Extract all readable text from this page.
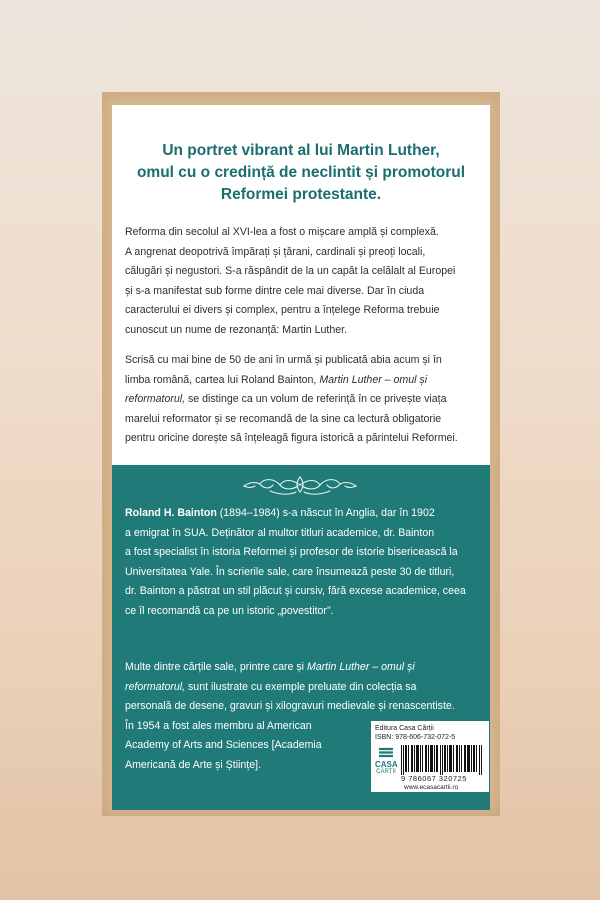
Un portret vibrant al lui Martin Luther,
omul cu o credință de neclintit și promotorul
Reformei protestante.
Reforma din secolul al XVI-lea a fost o mișcare amplă și complexă.
A angrenat deopotrivă împărați și țărani, cardinali și preoți locali,
călugări și negustori. S-a răspândit de la un capăt la celălalt al Europei
și s-a manifestat sub forme dintre cele mai diverse. Dar în ciuda
caracterului ei divers și complex, pentru a înțelege Reforma trebuie
cunoscut un nume de rezonanță: Martin Luther.
Scrisă cu mai bine de 50 de ani în urmă și publicată abia acum și în
limba română, cartea lui Roland Bainton, Martin Luther – omul și
reformatorul, se distinge ca un volum de referință în ce privește viața
marelui reformator și se recomandă de la sine ca lectură obligatorie
pentru oricine dorește să înțeleagă figura istorică a părintelui Reformei.
Roland H. Bainton (1894–1984) s-a născut în Anglia, dar în 1902
a emigrat în SUA. Deținător al multor titluri academice, dr. Bainton
a fost specialist în istoria Reformei și profesor de istorie bisericească la
Universitatea Yale. În scrierile sale, care însumează peste 30 de titluri,
dr. Bainton a păstrat un stil plăcut și cursiv, fără excese academice, ceea
ce îl recomandă ca pe un istoric „povestitor”.
Multe dintre cărțile sale, printre care și Martin Luther – omul și
reformatorul, sunt ilustrate cu exemple preluate din colecția sa
personală de desene, gravuri și xilogravuri medievale și renascentiste.
În 1954 a fost ales membru al American
Academy of Arts and Sciences [Academia
Americană de Arte și Științe].
Editura Casa Cărții
ISBN: 978-606-732-072-5
CASA
CĂRȚII
9 786067 320725
www.ecasacartii.ro
